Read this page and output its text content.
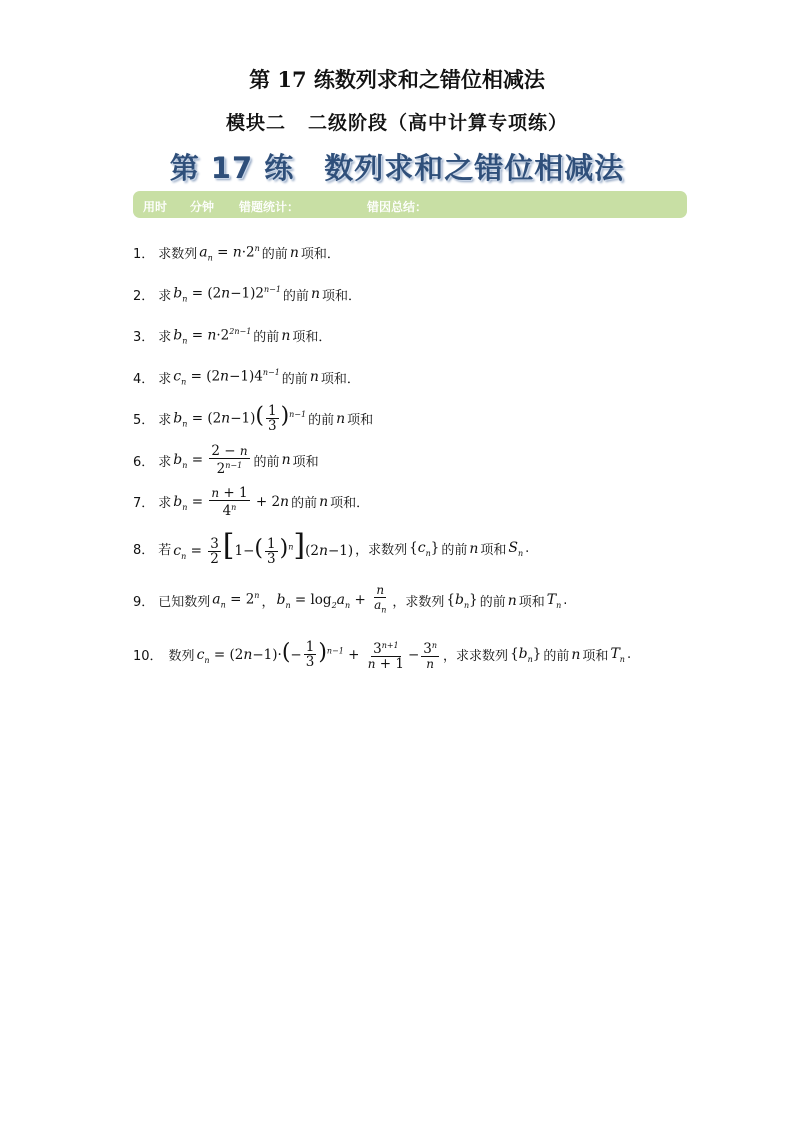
第 17 练数列求和之错位相减法
模块二 二级阶段（高中计算专项练）
第 17 练 数列求和之错位相减法
用时 分钟 错题统计：	错因总结：
1． 求数列 $a_n = n\cdot 2^n$ 的前 n 项和 ．
2． 求 $b_n = (2n-1)2^{n-1}$ 的前 n 项和 ．
3． 求 $b_n = n\cdot 2^{2n-1}$ 的前 n 项和 ．
4． 求 $c_n = (2n-1)4^{n-1}$ 的前 n 项和 ．
5． 求 $b_n = (2n-1)( \frac{1}{3} )^{n-1}$ 的前 n 项和
6． 求 $b_n = \frac{2 - n}{2^{n-1}}$ 的前 n 项和
7． 求 $b_n = \frac{n + 1}{4^n} + 2n$ 的前 n 项和 ．
8． 若 $c_n = \frac{3}{2} [1-( \frac{1}{3} )^n](2n-1)$ ，求数列 $\{c_n\}$ 的前 n 项和 $S_n$ .
9． 已知数列 $a_n = 2^n$ ， $b_n = \log_2a_n + \frac{n}{a_n}$ ，求数列 $\{b_n\}$ 的前 n 项和 $T_n$ .
10． 数列 $c_n = (2n-1)\cdot(- \frac{1}{3} )^{n-1} + \frac{3^{n+1}}{n + 1} - \frac{3^n}{n}$ ，求求数列 $\{b_n\}$ 的前 n 项和 $T_n$ .
